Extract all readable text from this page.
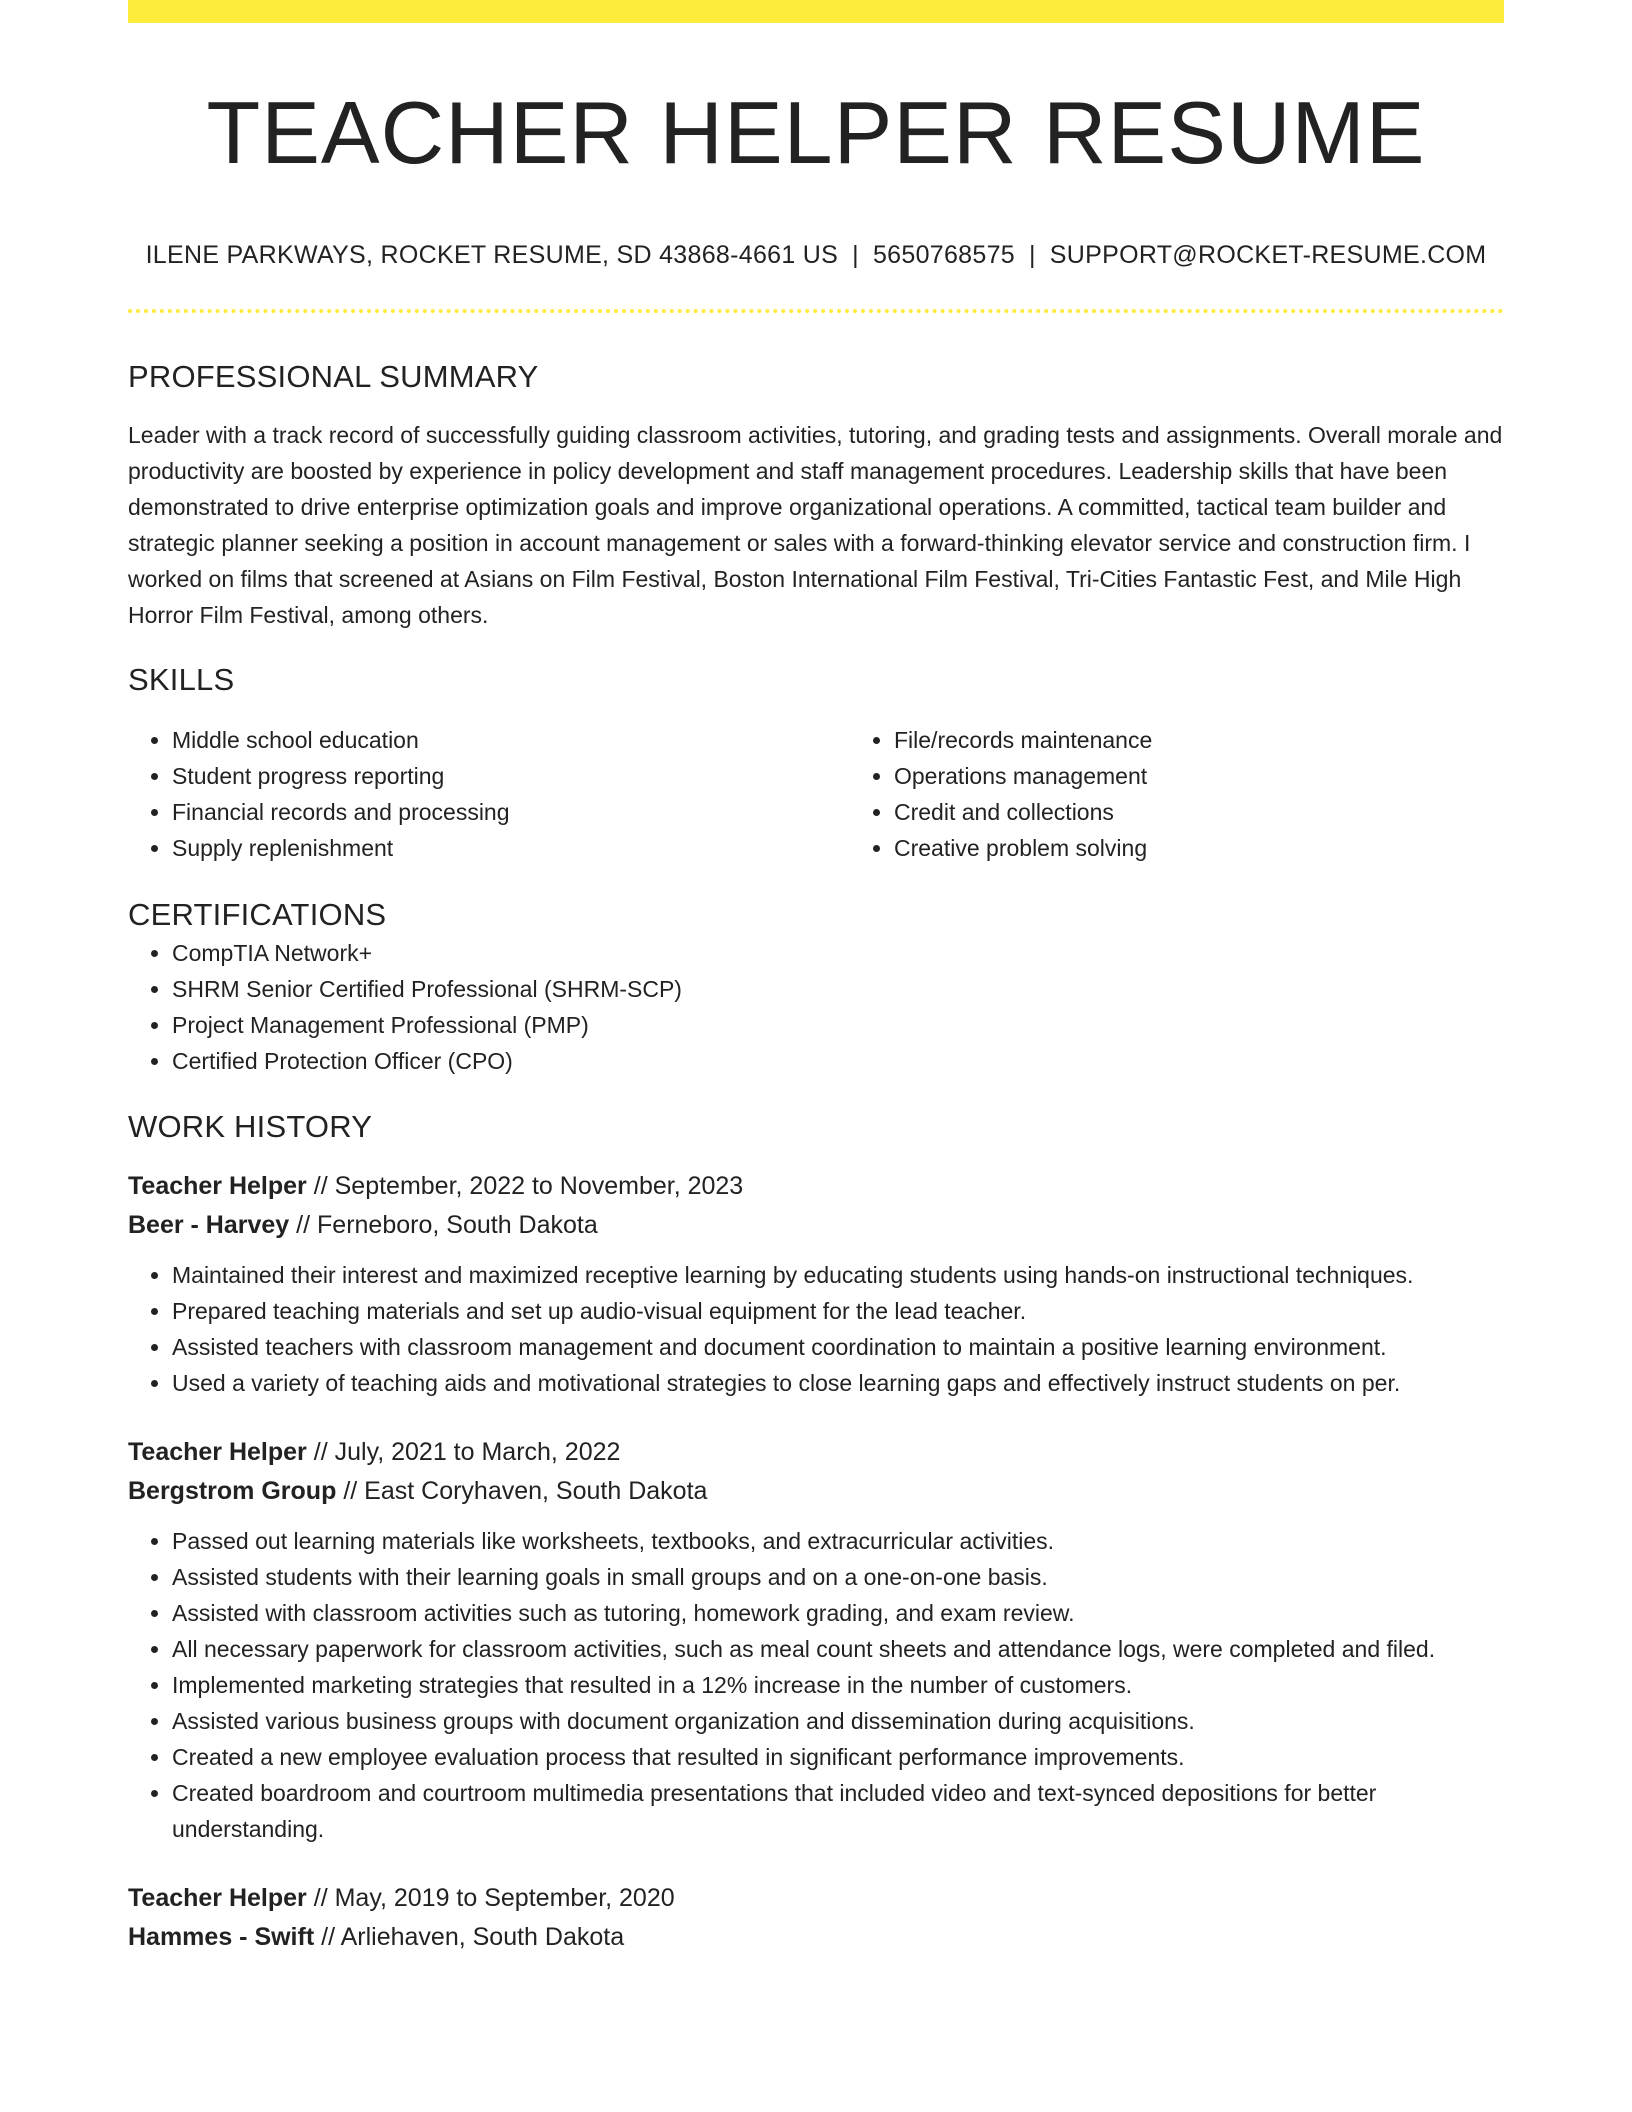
TEACHER HELPER RESUME
ILENE PARKWAYS, ROCKET RESUME, SD 43868-4661 US | 5650768575 | SUPPORT@ROCKET-RESUME.COM
PROFESSIONAL SUMMARY

Leader with a track record of successfully guiding classroom activities, tutoring, and grading tests and assignments. Overall morale and productivity are boosted by experience in policy development and staff management procedures. Leadership skills that have been demonstrated to drive enterprise optimization goals and improve organizational operations. A committed, tactical team builder and strategic planner seeking a position in account management or sales with a forward-thinking elevator service and construction firm. I worked on films that screened at Asians on Film Festival, Boston International Film Festival, Tri-Cities Fantastic Fest, and Mile High Horror Film Festival, among others.

SKILLS
• Middle school education
• Student progress reporting
• Financial records and processing
• Supply replenishment
• File/records maintenance
• Operations management
• Credit and collections
• Creative problem solving
CERTIFICATIONS
• CompTIA Network+
• SHRM Senior Certified Professional (SHRM-SCP)
• Project Management Professional (PMP)
• Certified Protection Officer (CPO)
WORK HISTORY
Teacher Helper // September, 2022 to November, 2023
Beer - Harvey // Ferneboro, South Dakota
• Maintained their interest and maximized receptive learning by educating students using hands-on instructional techniques.
• Prepared teaching materials and set up audio-visual equipment for the lead teacher.
• Assisted teachers with classroom management and document coordination to maintain a positive learning environment.
• Used a variety of teaching aids and motivational strategies to close learning gaps and effectively instruct students on per.
Teacher Helper // July, 2021 to March, 2022
Bergstrom Group // East Coryhaven, South Dakota
• Passed out learning materials like worksheets, textbooks, and extracurricular activities.
• Assisted students with their learning goals in small groups and on a one-on-one basis.
• Assisted with classroom activities such as tutoring, homework grading, and exam review.
• All necessary paperwork for classroom activities, such as meal count sheets and attendance logs, were completed and filed.
• Implemented marketing strategies that resulted in a 12% increase in the number of customers.
• Assisted various business groups with document organization and dissemination during acquisitions.
• Created a new employee evaluation process that resulted in significant performance improvements.
• Created boardroom and courtroom multimedia presentations that included video and text-synced depositions for better understanding.
Teacher Helper // May, 2019 to September, 2020
Hammes - Swift // Arliehaven, South Dakota
